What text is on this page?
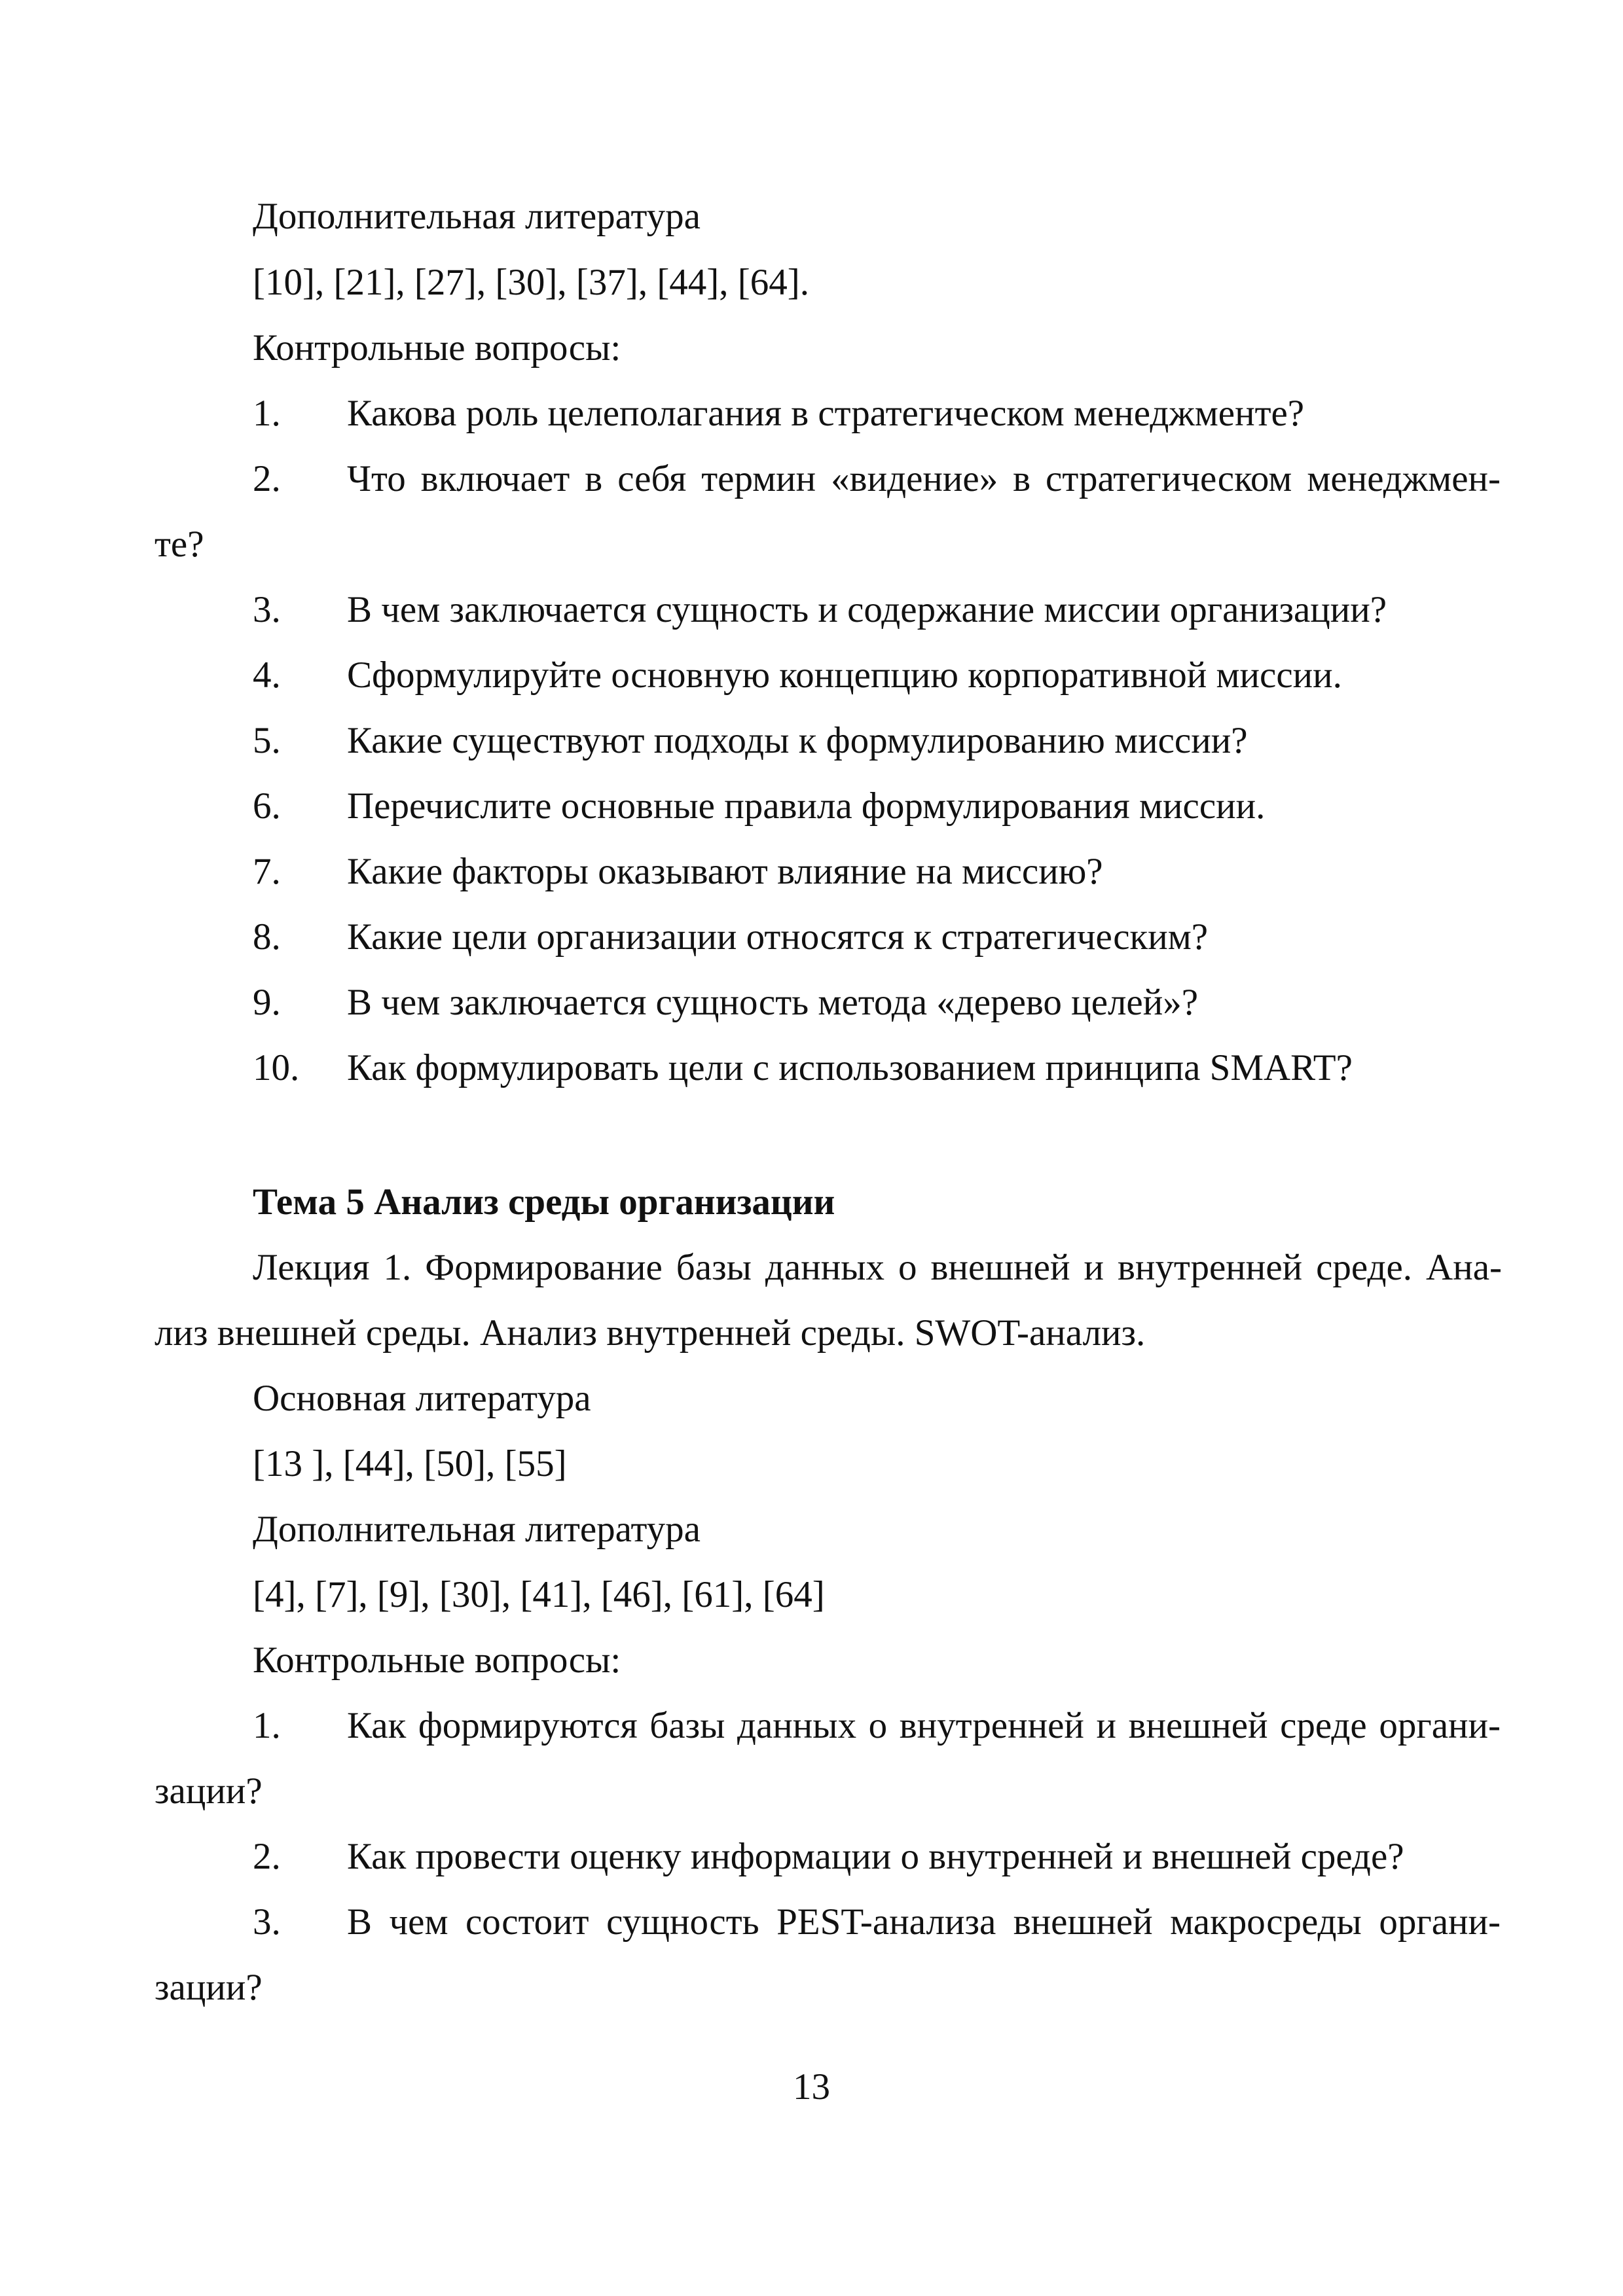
Дополнительная литература
[10], [21], [27], [30], [37], [44], [64].
Контрольные вопросы:
1. Какова роль целеполагания в стратегическом менеджменте?
2. Что включает в себя термин «видение» в стратегическом менеджмен-
те?
3. В чем заключается сущность и содержание миссии организации?
4. Сформулируйте основную концепцию корпоративной миссии.
5. Какие существуют подходы к формулированию миссии?
6. Перечислите основные правила формулирования миссии.
7. Какие факторы оказывают влияние на миссию?
8. Какие цели организации относятся к стратегическим?
9. В чем заключается сущность метода «дерево целей»?
10. Как формулировать цели с использованием принципа SMART?
Тема 5 Анализ среды организации
Лекция 1. Формирование базы данных о внешней и внутренней среде. Ана-
лиз внешней среды. Анализ внутренней среды. SWOT-анализ.
Основная литература
[13 ], [44], [50], [55]
Дополнительная литература
[4], [7], [9], [30], [41], [46], [61], [64]
Контрольные вопросы:
1. Как формируются базы данных о внутренней и внешней среде органи-
зации?
2. Как провести оценку информации о внутренней и внешней среде?
3. В чем состоит сущность PEST-анализа внешней макросреды органи-
зации?
13
